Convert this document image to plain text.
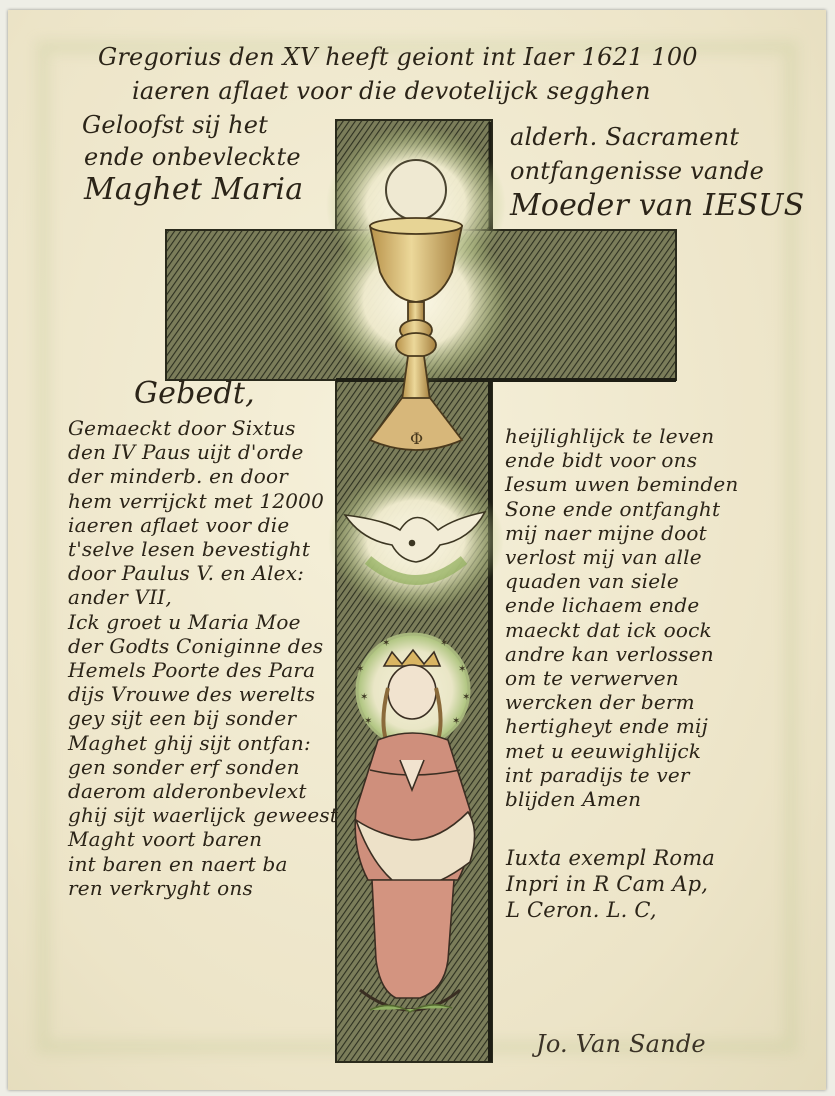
Φ
✶
✶
✶
✶
✶
✶
✶	✶

Gregorius den XV heeft geiont int Iaer 1621 100

iaeren aflaet voor die devotelijck segghen

Geloofst sij het	alderh. Sacrament

ende onbevleckte	ontfangenisse vande

Maghet Maria	Moeder van IESUS

Gebedt,

Gemaeckt door Sixtus
den IV Paus uijt d'orde
der minderb. en door
hem verrijckt met 12000
iaeren aflaet voor die
t'selve lesen bevestight
door Paulus V. en Alex:
ander VII,
Ick groet u Maria Moe
der Godts Coniginne des
Hemels Poorte des Para
dijs Vrouwe des werelts
gey sijt een bij sonder
Maghet ghij sijt ontfan:
gen sonder erf sonden
daerom alderonbevlext
ghij sijt waerlijck geweest
Maght voort baren
int baren en naert ba
ren verkryght ons
heijlighlijck te leven
ende bidt voor ons
Iesum uwen beminden
Sone ende ontfanght
mij naer mijne doot
verlost mij van alle
quaden van siele
ende lichaem ende
maeckt dat ick oock
andre kan verlossen
om te verwerven
wercken der berm
hertigheyt ende mij
met u eeuwighlijck
int paradijs te ver
blijden Amen

Iuxta exempl Roma

Inpri in R Cam Ap,

L Ceron. L. C,

Jo. Van Sande
